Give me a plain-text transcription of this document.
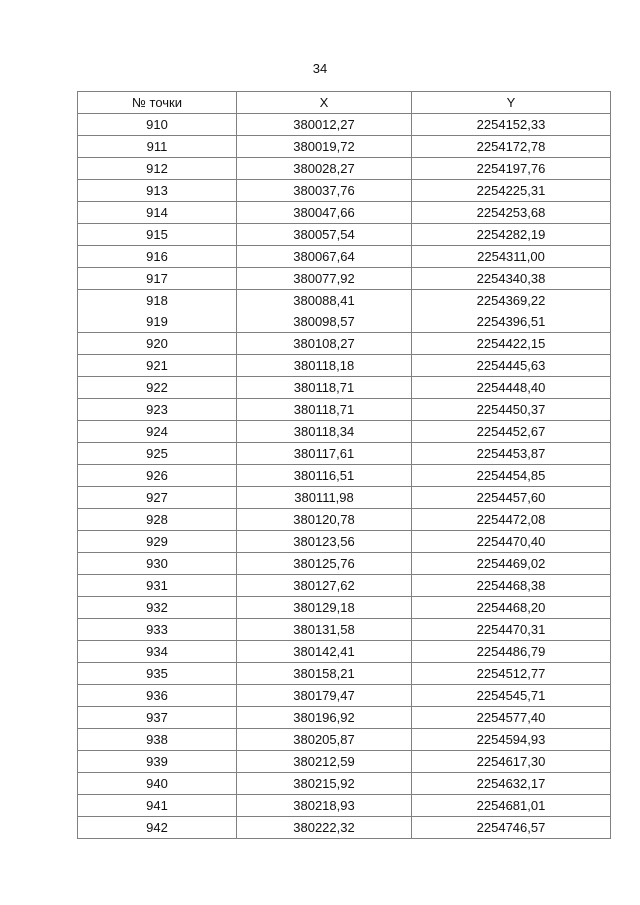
34
№ точки	X	Y
910	380012,27	2254152,33
911	380019,72	2254172,78
912	380028,27	2254197,76
913	380037,76	2254225,31
914	380047,66	2254253,68
915	380057,54	2254282,19
916	380067,64	2254311,00
917	380077,92	2254340,38
918	380088,41	2254369,22
919	380098,57	2254396,51
920	380108,27	2254422,15
921	380118,18	2254445,63
922	380118,71	2254448,40
923	380118,71	2254450,37
924	380118,34	2254452,67
925	380117,61	2254453,87
926	380116,51	2254454,85
927	380111,98	2254457,60
928	380120,78	2254472,08
929	380123,56	2254470,40
930	380125,76	2254469,02
931	380127,62	2254468,38
932	380129,18	2254468,20
933	380131,58	2254470,31
934	380142,41	2254486,79
935	380158,21	2254512,77
936	380179,47	2254545,71
937	380196,92	2254577,40
938	380205,87	2254594,93
939	380212,59	2254617,30
940	380215,92	2254632,17
941	380218,93	2254681,01
942	380222,32	2254746,57
